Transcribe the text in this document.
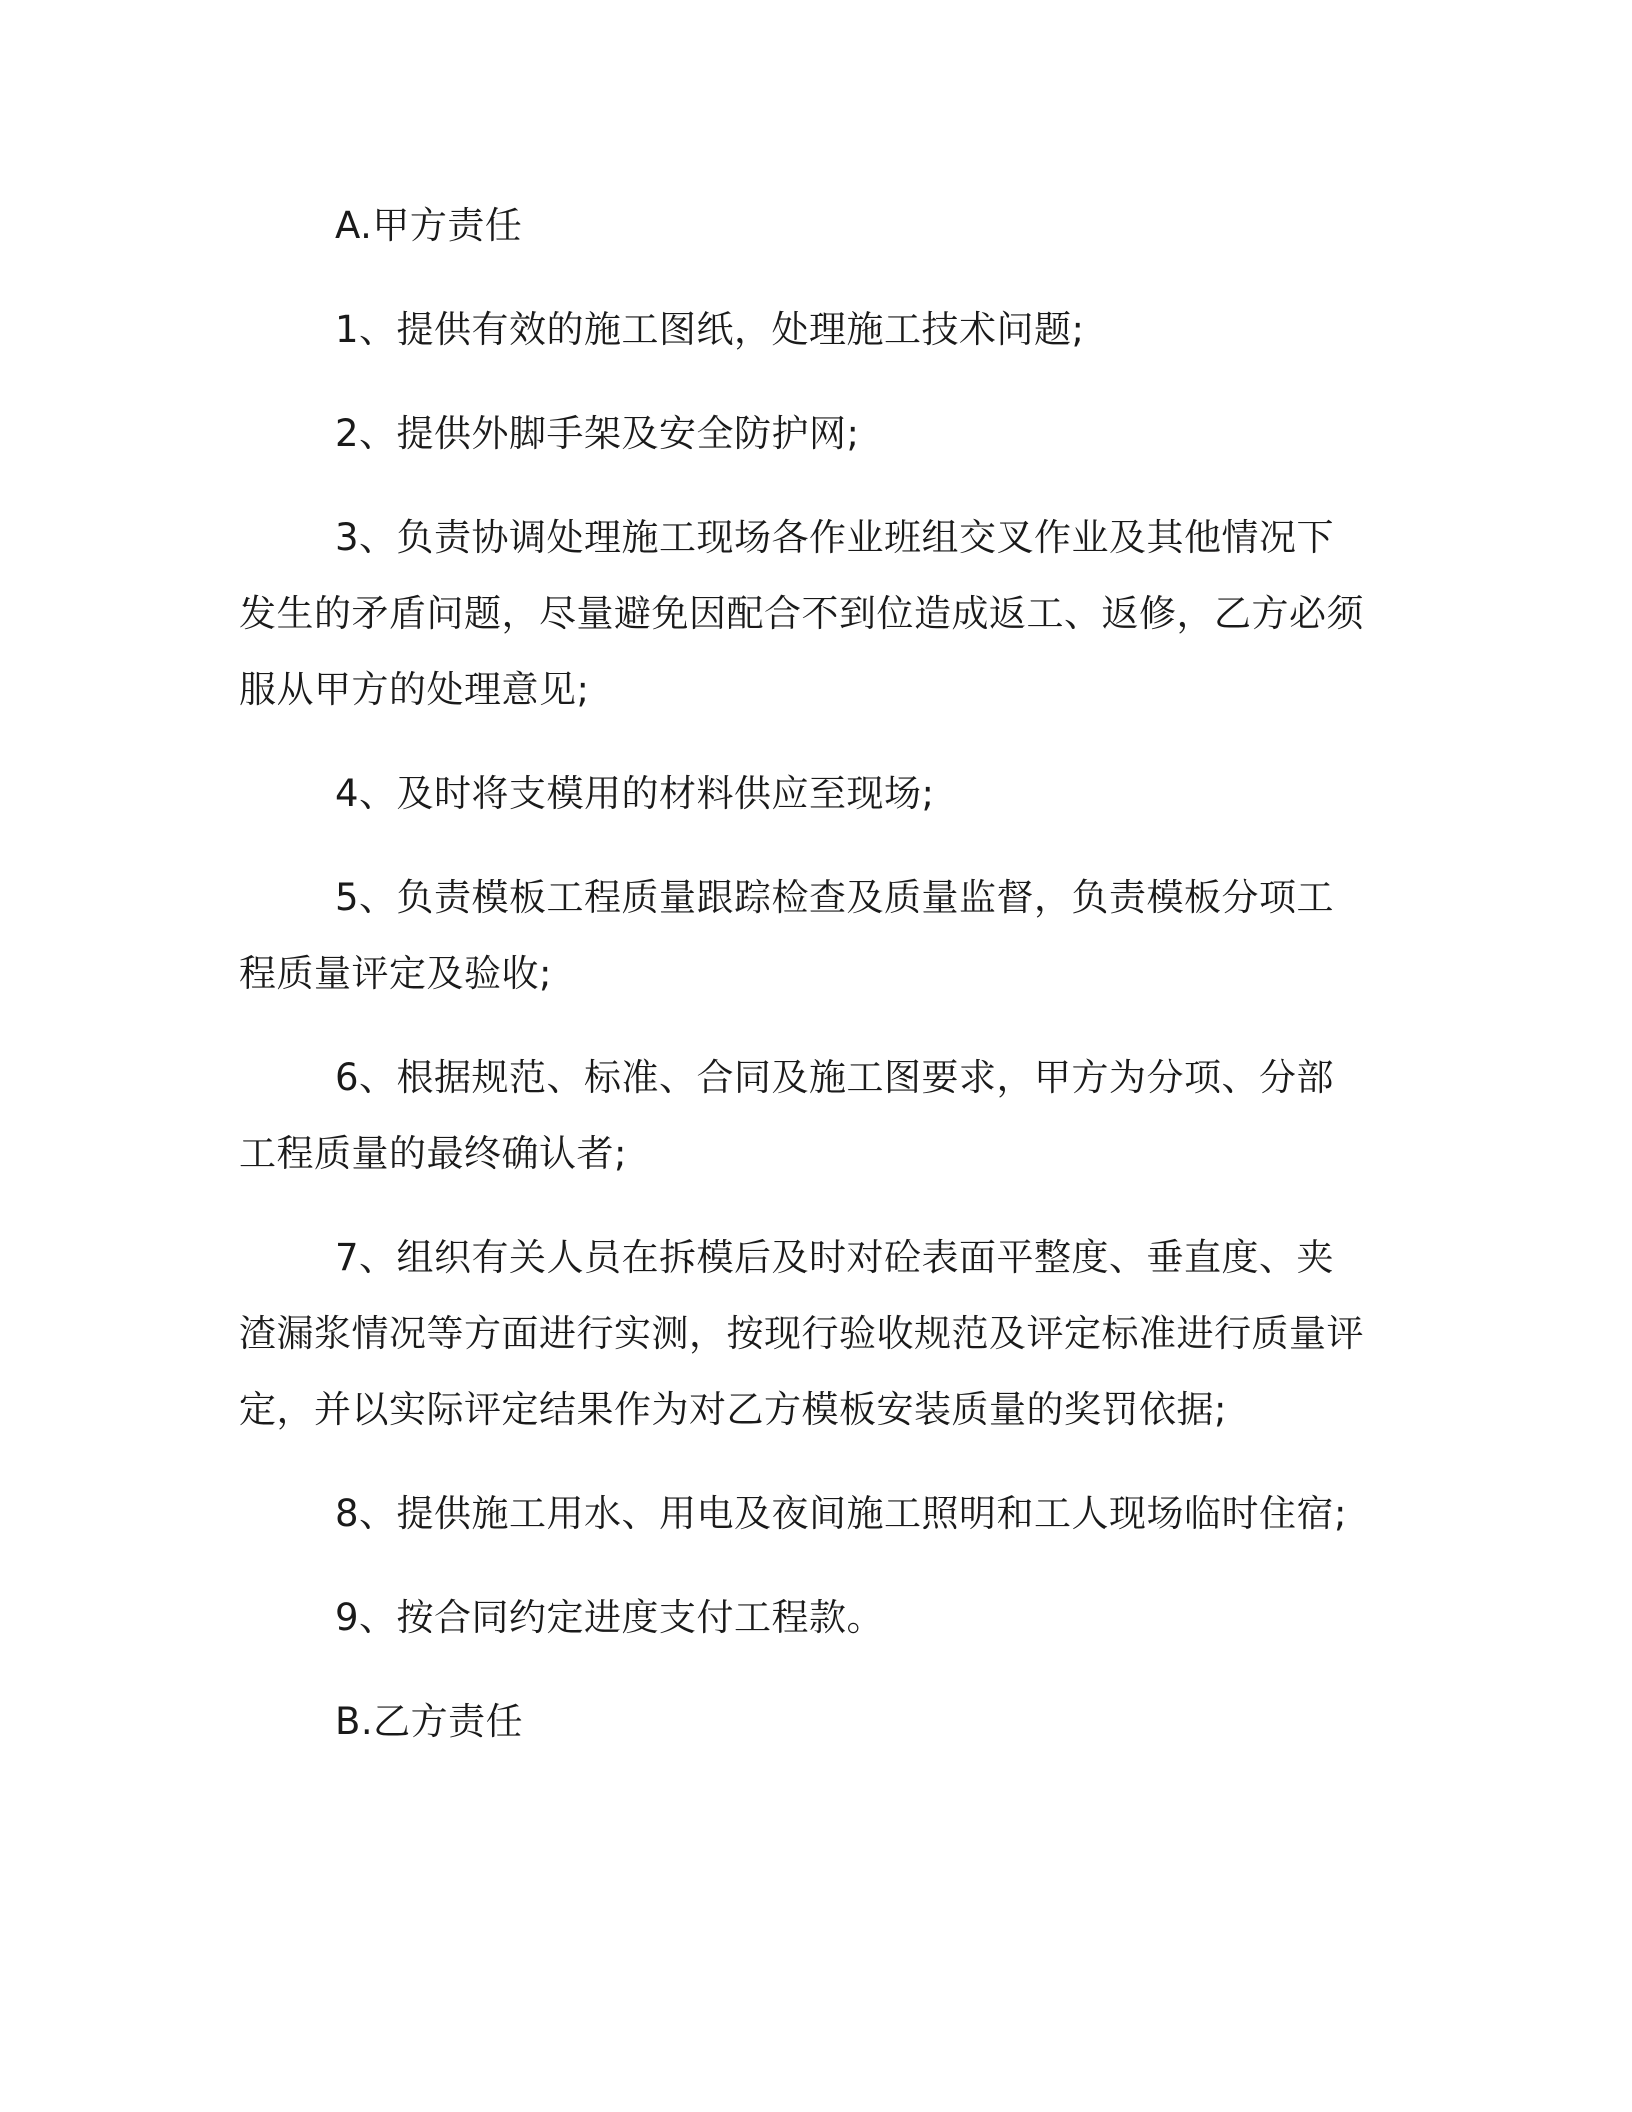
A.甲方责任

1、提供有效的施工图纸，处理施工技术问题;

2、提供外脚手架及安全防护网;

3、负责协调处理施工现场各作业班组交叉作业及其他情况下发生的矛盾问题，尽量避免因配合不到位造成返工、返修，乙方必须服从甲方的处理意见;

4、及时将支模用的材料供应至现场;

5、负责模板工程质量跟踪检查及质量监督，负责模板分项工程质量评定及验收;

6、根据规范、标准、合同及施工图要求，甲方为分项、分部工程质量的最终确认者;

7、组织有关人员在拆模后及时对砼表面平整度、垂直度、夹渣漏浆情况等方面进行实测，按现行验收规范及评定标准进行质量评定，并以实际评定结果作为对乙方模板安装质量的奖罚依据;

8、提供施工用水、用电及夜间施工照明和工人现场临时住宿;

9、按合同约定进度支付工程款。

B.乙方责任
